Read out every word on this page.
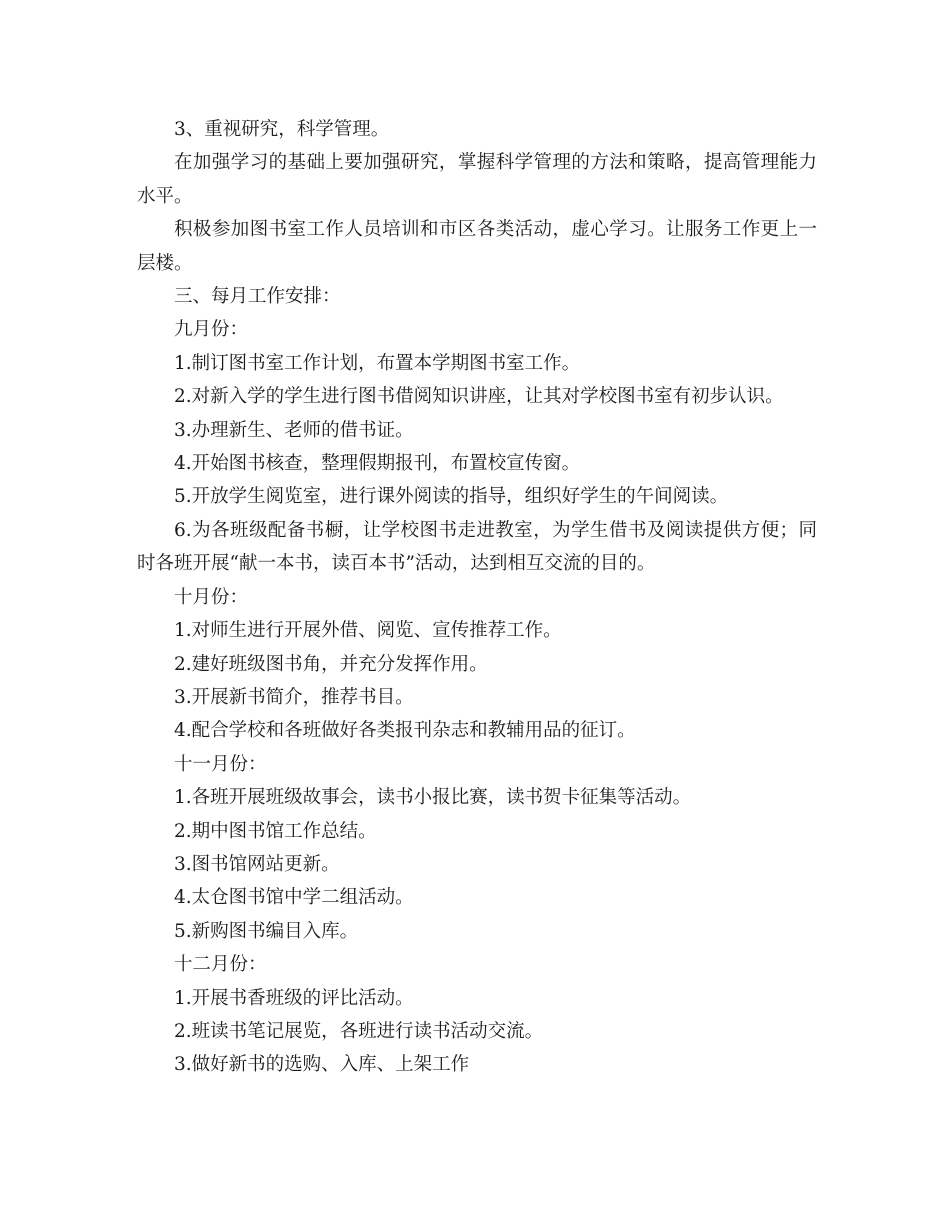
3、重视研究，科学管理。

在加强学习的基础上要加强研究，掌握科学管理的方法和策略，提高管理能力水平。

积极参加图书室工作人员培训和市区各类活动，虚心学习。让服务工作更上一层楼。

三、每月工作安排：

九月份：

1.制订图书室工作计划，布置本学期图书室工作。

2.对新入学的学生进行图书借阅知识讲座，让其对学校图书室有初步认识。

3.办理新生、老师的借书证。

4.开始图书核查，整理假期报刊，布置校宣传窗。

5.开放学生阅览室，进行课外阅读的指导，组织好学生的午间阅读。

6.为各班级配备书橱，让学校图书走进教室，为学生借书及阅读提供方便；同时各班开展“献一本书，读百本书”活动，达到相互交流的目的。

十月份：

1.对师生进行开展外借、阅览、宣传推荐工作。

2.建好班级图书角，并充分发挥作用。

3.开展新书简介，推荐书目。

4.配合学校和各班做好各类报刊杂志和教辅用品的征订。

十一月份：

1.各班开展班级故事会，读书小报比赛，读书贺卡征集等活动。

2.期中图书馆工作总结。

3.图书馆网站更新。

4.太仓图书馆中学二组活动。

5.新购图书编目入库。

十二月份：

1.开展书香班级的评比活动。

2.班读书笔记展览，各班进行读书活动交流。

3.做好新书的选购、入库、上架工作
